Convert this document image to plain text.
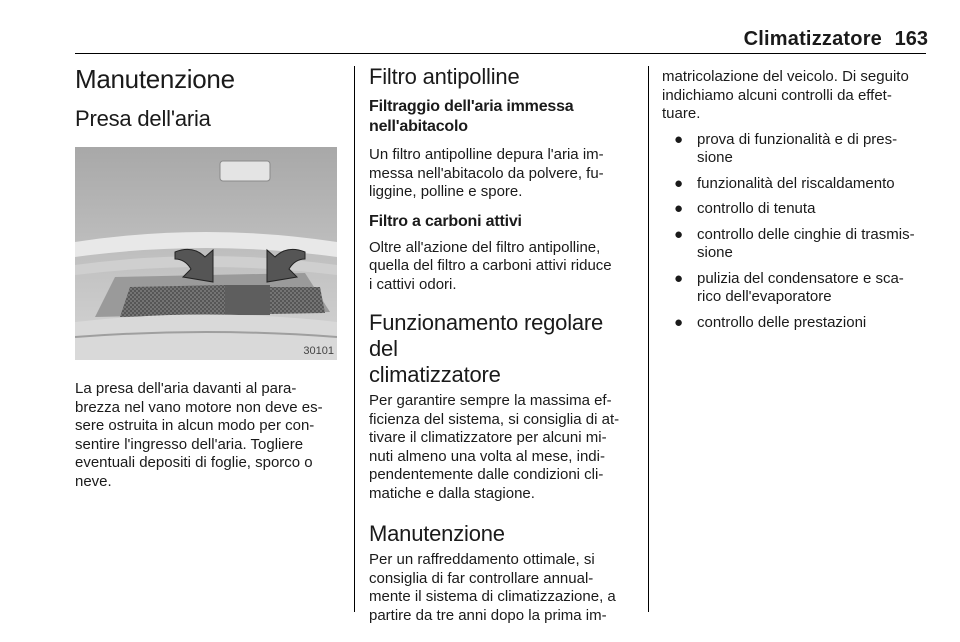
Climatizzatore 163
Manutenzione
Presa dell'aria
30101

La presa dell'aria davanti al para-

brezza nel vano motore non deve es-

sere ostruita in alcun modo per con-

sentire l'ingresso dell'aria. Togliere

eventuali depositi di foglie, sporco o

neve.

Filtro antipolline
Filtraggio dell'aria immessa
nell'abitacolo

Un filtro antipolline depura l'aria im-

messa nell'abitacolo da polvere, fu-

liggine, polline e spore.

Filtro a carboni attivi

Oltre all'azione del filtro antipolline,

quella del filtro a carboni attivi riduce

i cattivi odori.

Funzionamento regolare del
climatizzatore

Per garantire sempre la massima ef-

ficienza del sistema, si consiglia di at-

tivare il climatizzatore per alcuni mi-

nuti almeno una volta al mese, indi-

pendentemente dalle condizioni cli-

matiche e dalla stagione.

Manutenzione

Per un raffreddamento ottimale, si

consiglia di far controllare annual-

mente il sistema di climatizzazione, a

partire da tre anni dopo la prima im-

matricolazione del veicolo. Di seguito

indichiamo alcuni controlli da effet-

tuare.

● prova di funzionalità e di pres-
sione
● funzionalità del riscaldamento
● controllo di tenuta
● controllo delle cinghie di trasmis-
sione
● pulizia del condensatore e sca-
rico dell'evaporatore
● controllo delle prestazioni
